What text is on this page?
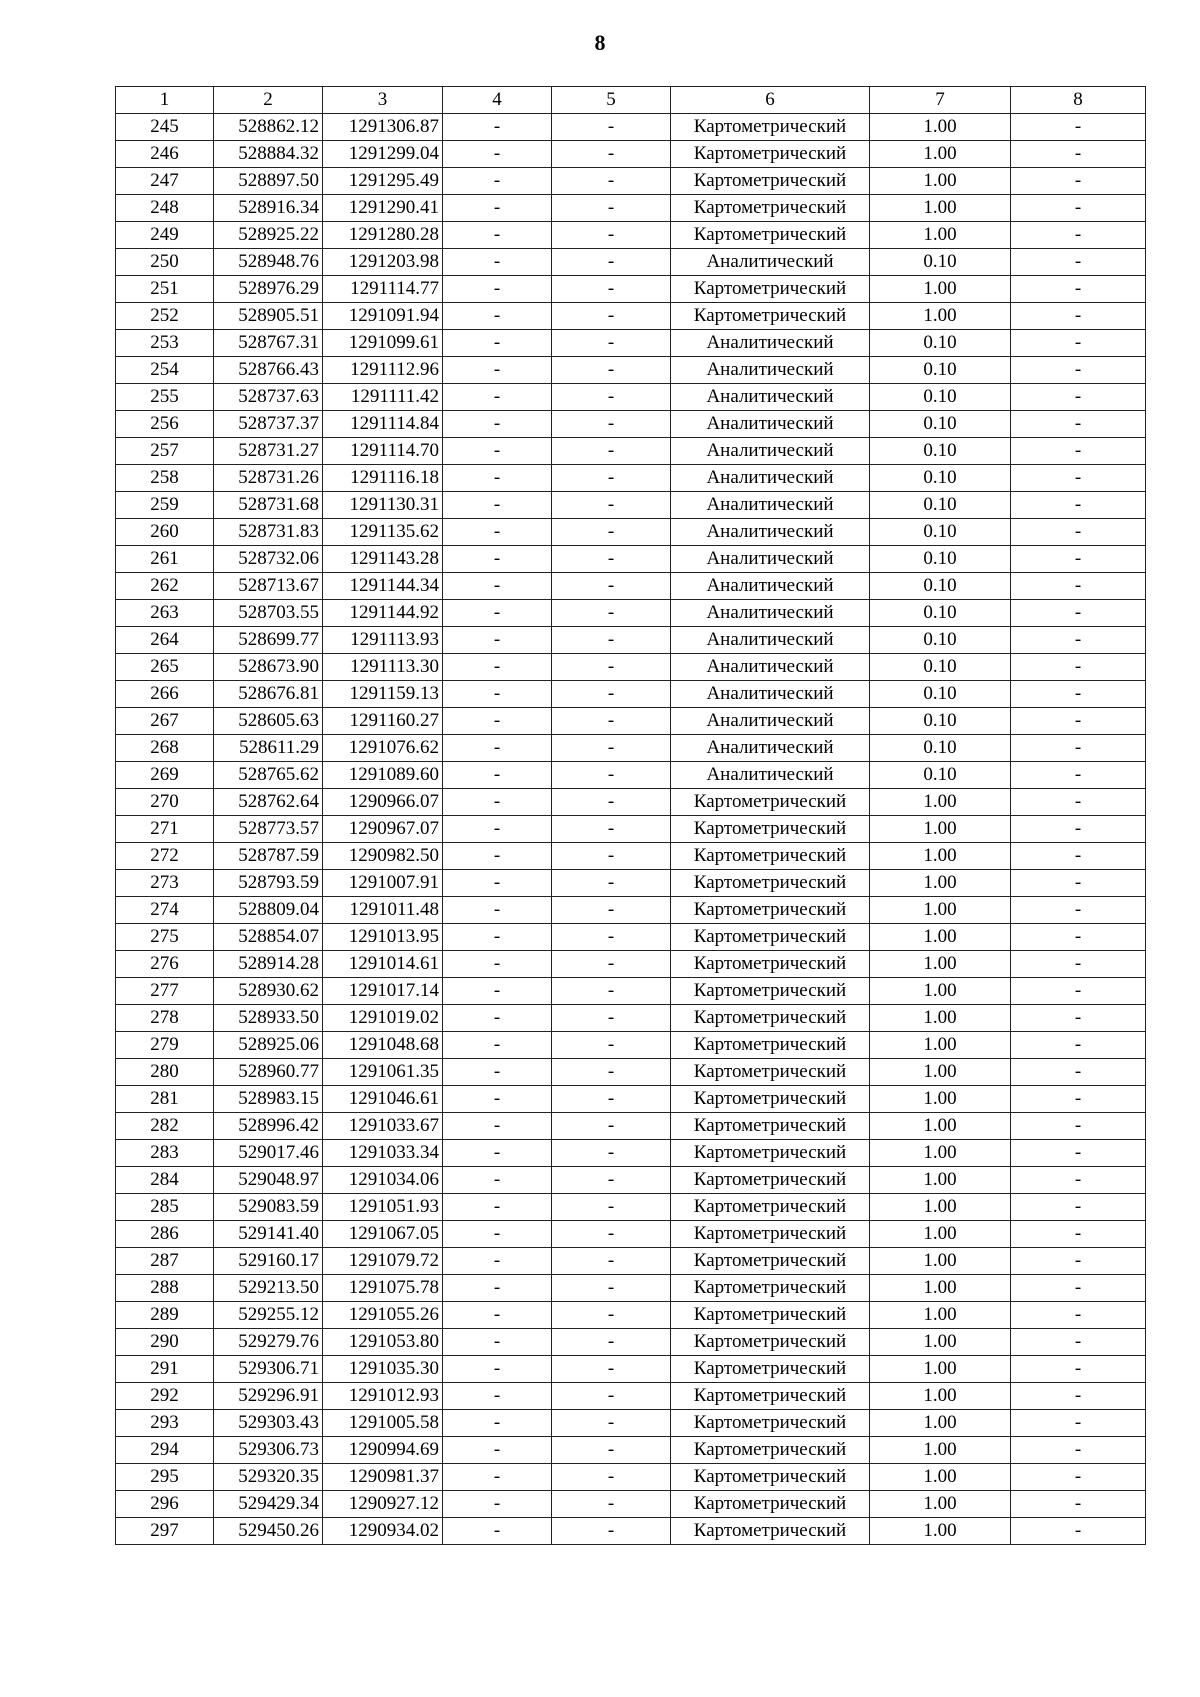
8
1	2	3	4	5	6	7	8
245	528862.12	1291306.87	-	-	Картометрический	1.00	-
246	528884.32	1291299.04	-	-	Картометрический	1.00	-
247	528897.50	1291295.49	-	-	Картометрический	1.00	-
248	528916.34	1291290.41	-	-	Картометрический	1.00	-
249	528925.22	1291280.28	-	-	Картометрический	1.00	-
250	528948.76	1291203.98	-	-	Аналитический	0.10	-
251	528976.29	1291114.77	-	-	Картометрический	1.00	-
252	528905.51	1291091.94	-	-	Картометрический	1.00	-
253	528767.31	1291099.61	-	-	Аналитический	0.10	-
254	528766.43	1291112.96	-	-	Аналитический	0.10	-
255	528737.63	1291111.42	-	-	Аналитический	0.10	-
256	528737.37	1291114.84	-	-	Аналитический	0.10	-
257	528731.27	1291114.70	-	-	Аналитический	0.10	-
258	528731.26	1291116.18	-	-	Аналитический	0.10	-
259	528731.68	1291130.31	-	-	Аналитический	0.10	-
260	528731.83	1291135.62	-	-	Аналитический	0.10	-
261	528732.06	1291143.28	-	-	Аналитический	0.10	-
262	528713.67	1291144.34	-	-	Аналитический	0.10	-
263	528703.55	1291144.92	-	-	Аналитический	0.10	-
264	528699.77	1291113.93	-	-	Аналитический	0.10	-
265	528673.90	1291113.30	-	-	Аналитический	0.10	-
266	528676.81	1291159.13	-	-	Аналитический	0.10	-
267	528605.63	1291160.27	-	-	Аналитический	0.10	-
268	528611.29	1291076.62	-	-	Аналитический	0.10	-
269	528765.62	1291089.60	-	-	Аналитический	0.10	-
270	528762.64	1290966.07	-	-	Картометрический	1.00	-
271	528773.57	1290967.07	-	-	Картометрический	1.00	-
272	528787.59	1290982.50	-	-	Картометрический	1.00	-
273	528793.59	1291007.91	-	-	Картометрический	1.00	-
274	528809.04	1291011.48	-	-	Картометрический	1.00	-
275	528854.07	1291013.95	-	-	Картометрический	1.00	-
276	528914.28	1291014.61	-	-	Картометрический	1.00	-
277	528930.62	1291017.14	-	-	Картометрический	1.00	-
278	528933.50	1291019.02	-	-	Картометрический	1.00	-
279	528925.06	1291048.68	-	-	Картометрический	1.00	-
280	528960.77	1291061.35	-	-	Картометрический	1.00	-
281	528983.15	1291046.61	-	-	Картометрический	1.00	-
282	528996.42	1291033.67	-	-	Картометрический	1.00	-
283	529017.46	1291033.34	-	-	Картометрический	1.00	-
284	529048.97	1291034.06	-	-	Картометрический	1.00	-
285	529083.59	1291051.93	-	-	Картометрический	1.00	-
286	529141.40	1291067.05	-	-	Картометрический	1.00	-
287	529160.17	1291079.72	-	-	Картометрический	1.00	-
288	529213.50	1291075.78	-	-	Картометрический	1.00	-
289	529255.12	1291055.26	-	-	Картометрический	1.00	-
290	529279.76	1291053.80	-	-	Картометрический	1.00	-
291	529306.71	1291035.30	-	-	Картометрический	1.00	-
292	529296.91	1291012.93	-	-	Картометрический	1.00	-
293	529303.43	1291005.58	-	-	Картометрический	1.00	-
294	529306.73	1290994.69	-	-	Картометрический	1.00	-
295	529320.35	1290981.37	-	-	Картометрический	1.00	-
296	529429.34	1290927.12	-	-	Картометрический	1.00	-
297	529450.26	1290934.02	-	-	Картометрический	1.00	-
